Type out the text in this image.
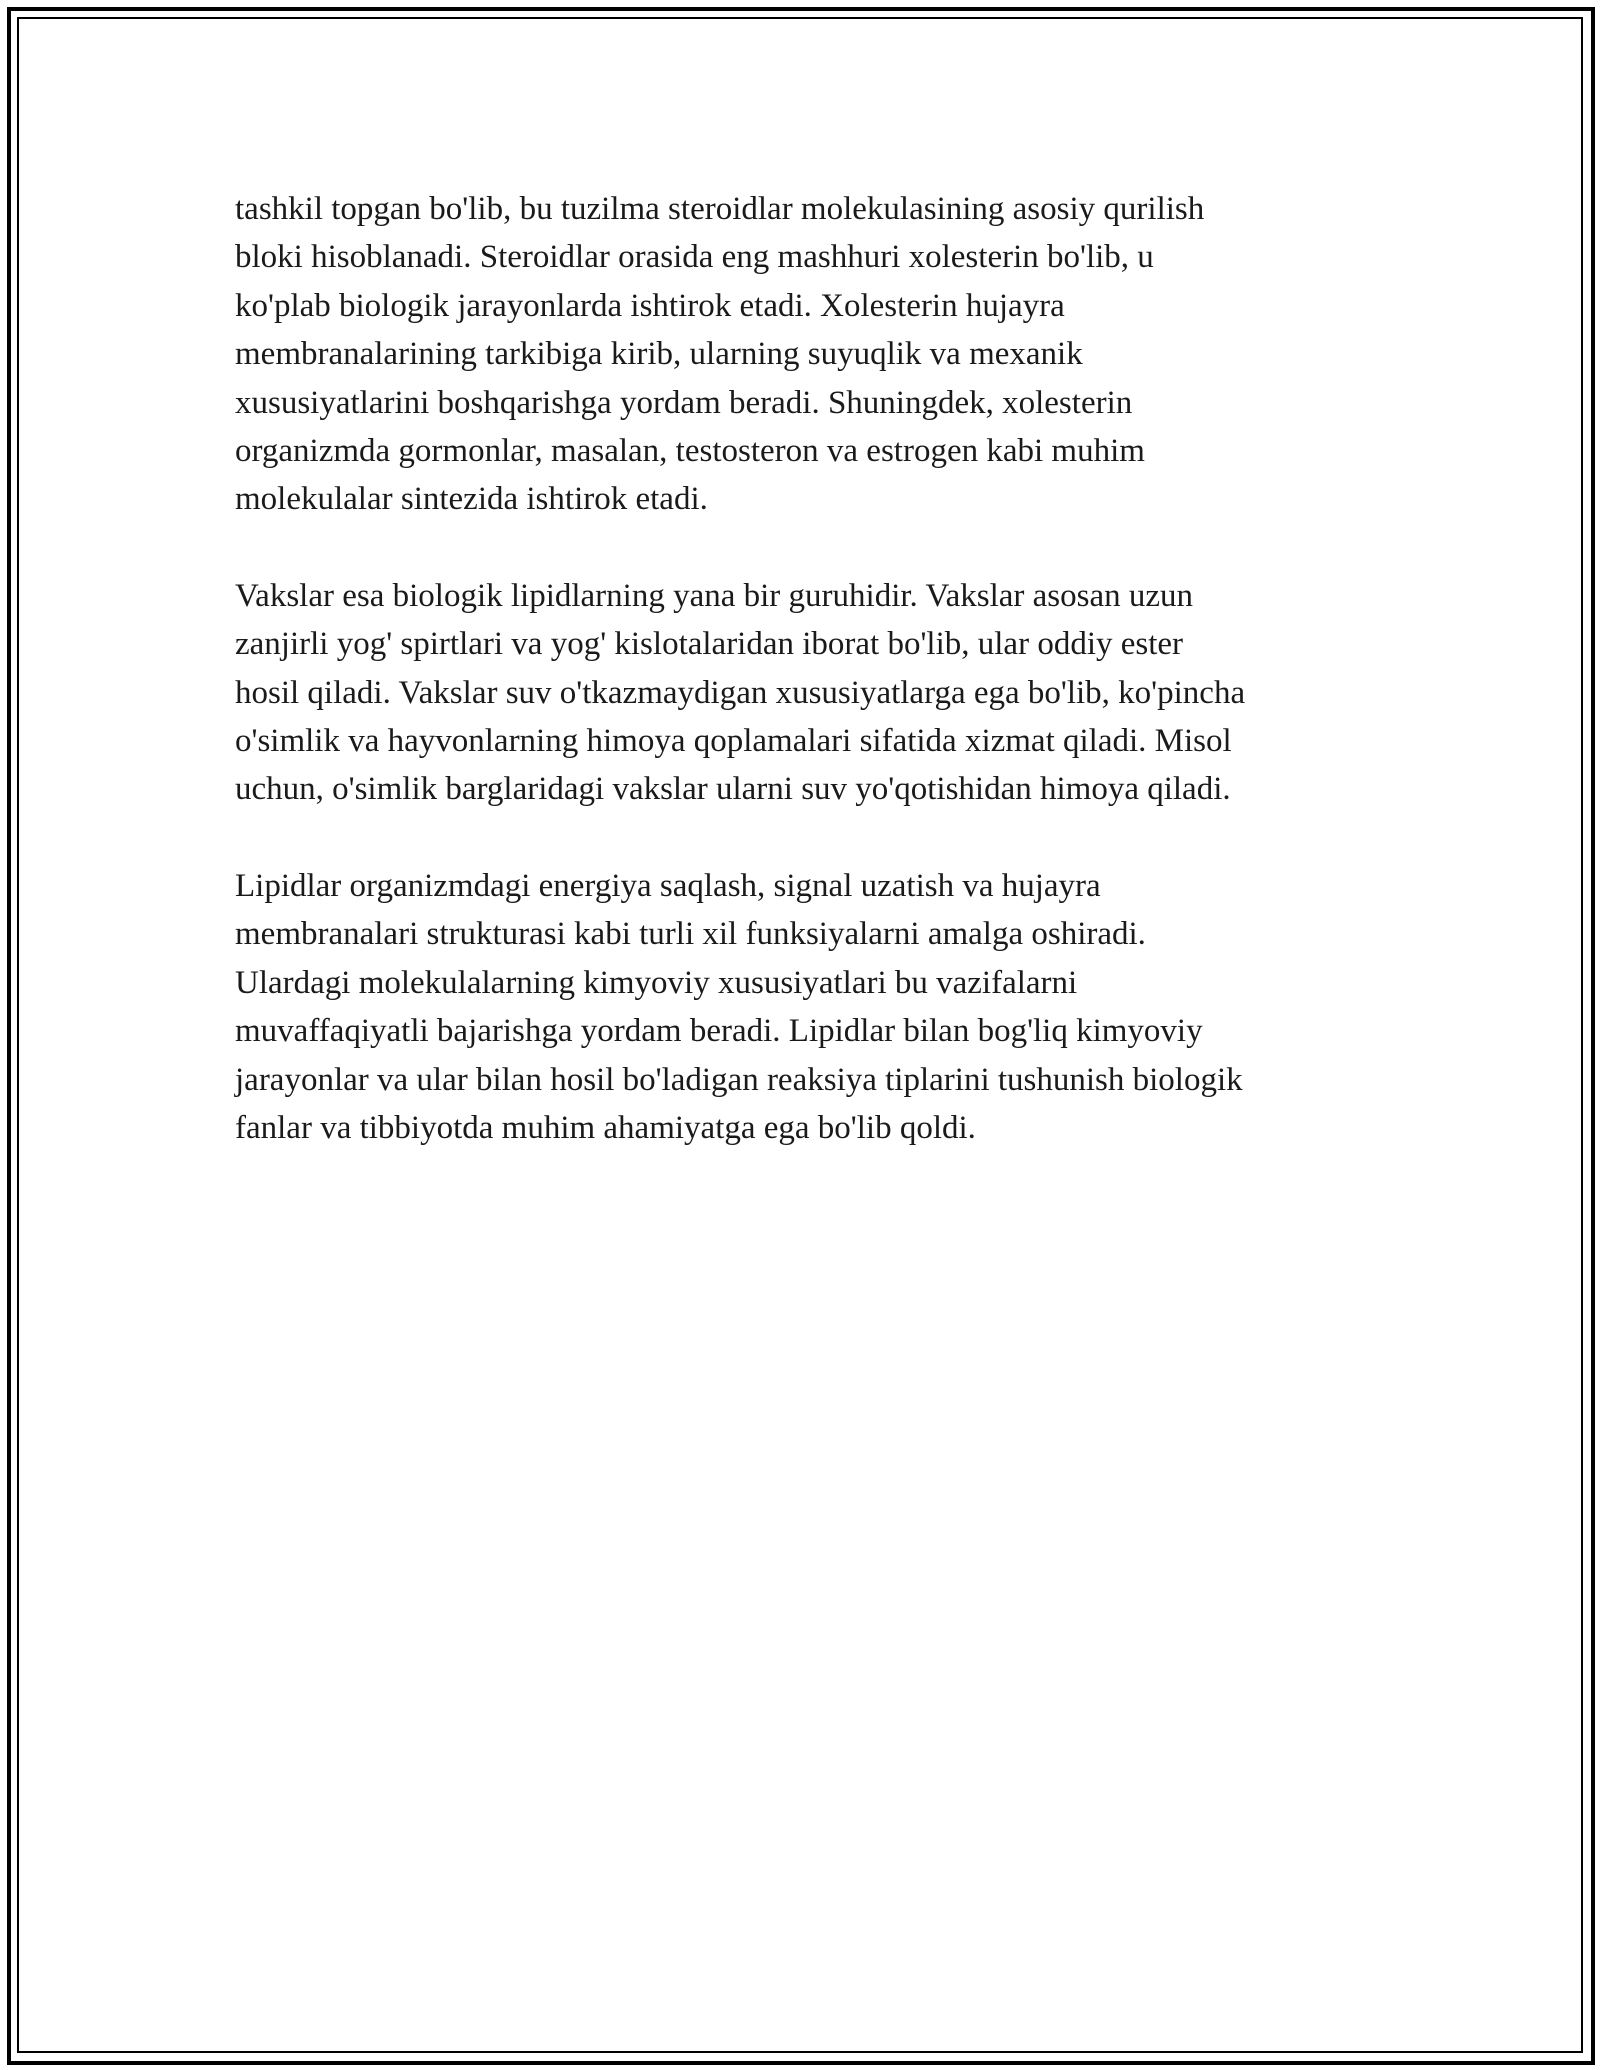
tashkil topgan bo'lib, bu tuzilma steroidlar molekulasining asosiy qurilish
bloki hisoblanadi. Steroidlar orasida eng mashhuri xolesterin bo'lib, u
ko'plab biologik jarayonlarda ishtirok etadi. Xolesterin hujayra
membranalarining tarkibiga kirib, ularning suyuqlik va mexanik
xususiyatlarini boshqarishga yordam beradi. Shuningdek, xolesterin
organizmda gormonlar, masalan, testosteron va estrogen kabi muhim
molekulalar sintezida ishtirok etadi.

Vakslar esa biologik lipidlarning yana bir guruhidir. Vakslar asosan uzun
zanjirli yog' spirtlari va yog' kislotalaridan iborat bo'lib, ular oddiy ester
hosil qiladi. Vakslar suv o'tkazmaydigan xususiyatlarga ega bo'lib, ko'pincha
o'simlik va hayvonlarning himoya qoplamalari sifatida xizmat qiladi. Misol
uchun, o'simlik barglaridagi vakslar ularni suv yo'qotishidan himoya qiladi.

Lipidlar organizmdagi energiya saqlash, signal uzatish va hujayra
membranalari strukturasi kabi turli xil funksiyalarni amalga oshiradi.
Ulardagi molekulalarning kimyoviy xususiyatlari bu vazifalarni
muvaffaqiyatli bajarishga yordam beradi. Lipidlar bilan bog'liq kimyoviy
jarayonlar va ular bilan hosil bo'ladigan reaksiya tiplarini tushunish biologik
fanlar va tibbiyotda muhim ahamiyatga ega bo'lib qoldi.
